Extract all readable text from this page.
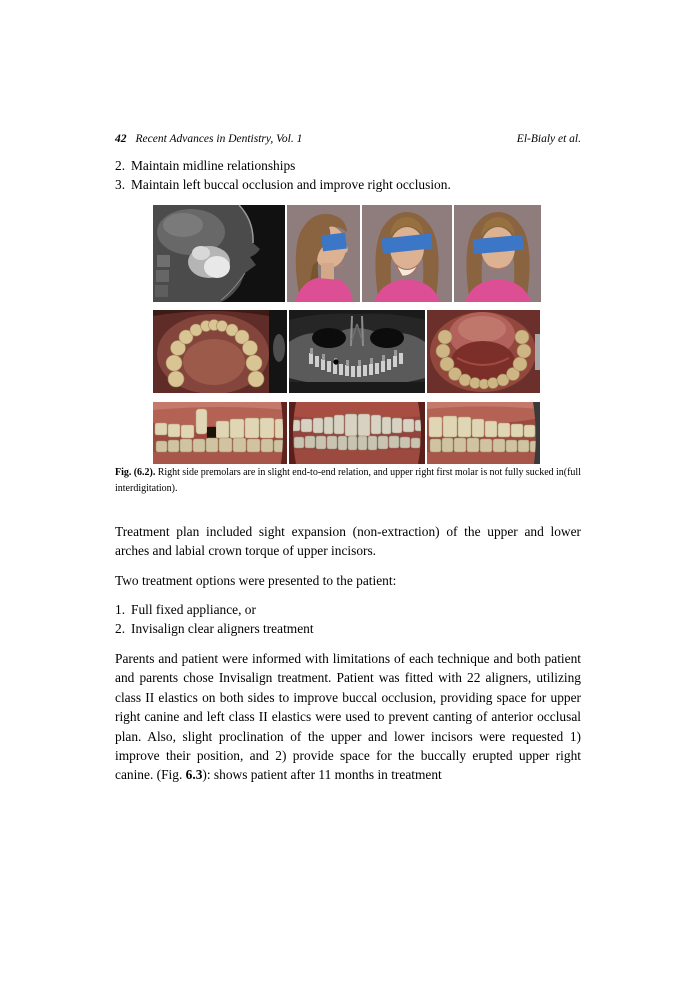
42 Recent Advances in Dentistry, Vol. 1	El-Bialy et al.
2. Maintain midline relationships
3. Maintain left buccal occlusion and improve right occlusion.

Fig. (6.2). Right side premolars are in slight end-to-end relation, and upper right first molar is not fully sucked in(full interdigitation).

Treatment plan included sight expansion (non-extraction) of the upper and lower arches and labial crown torque of upper incisors.

Two treatment options were presented to the patient:

1. Full fixed appliance, or
2. Invisalign clear aligners treatment

Parents and patient were informed with limitations of each technique and both patient and parents chose Invisalign treatment. Patient was fitted with 22 aligners, utilizing class II elastics on both sides to improve buccal occlusion, providing space for upper right canine and left class II elastics were used to prevent canting of anterior occlusal plan. Also, slight proclination of the upper and lower incisors were requested 1) improve their position, and 2) provide space for the buccally erupted upper right canine. (Fig. 6.3): shows patient after 11 months in treatment
